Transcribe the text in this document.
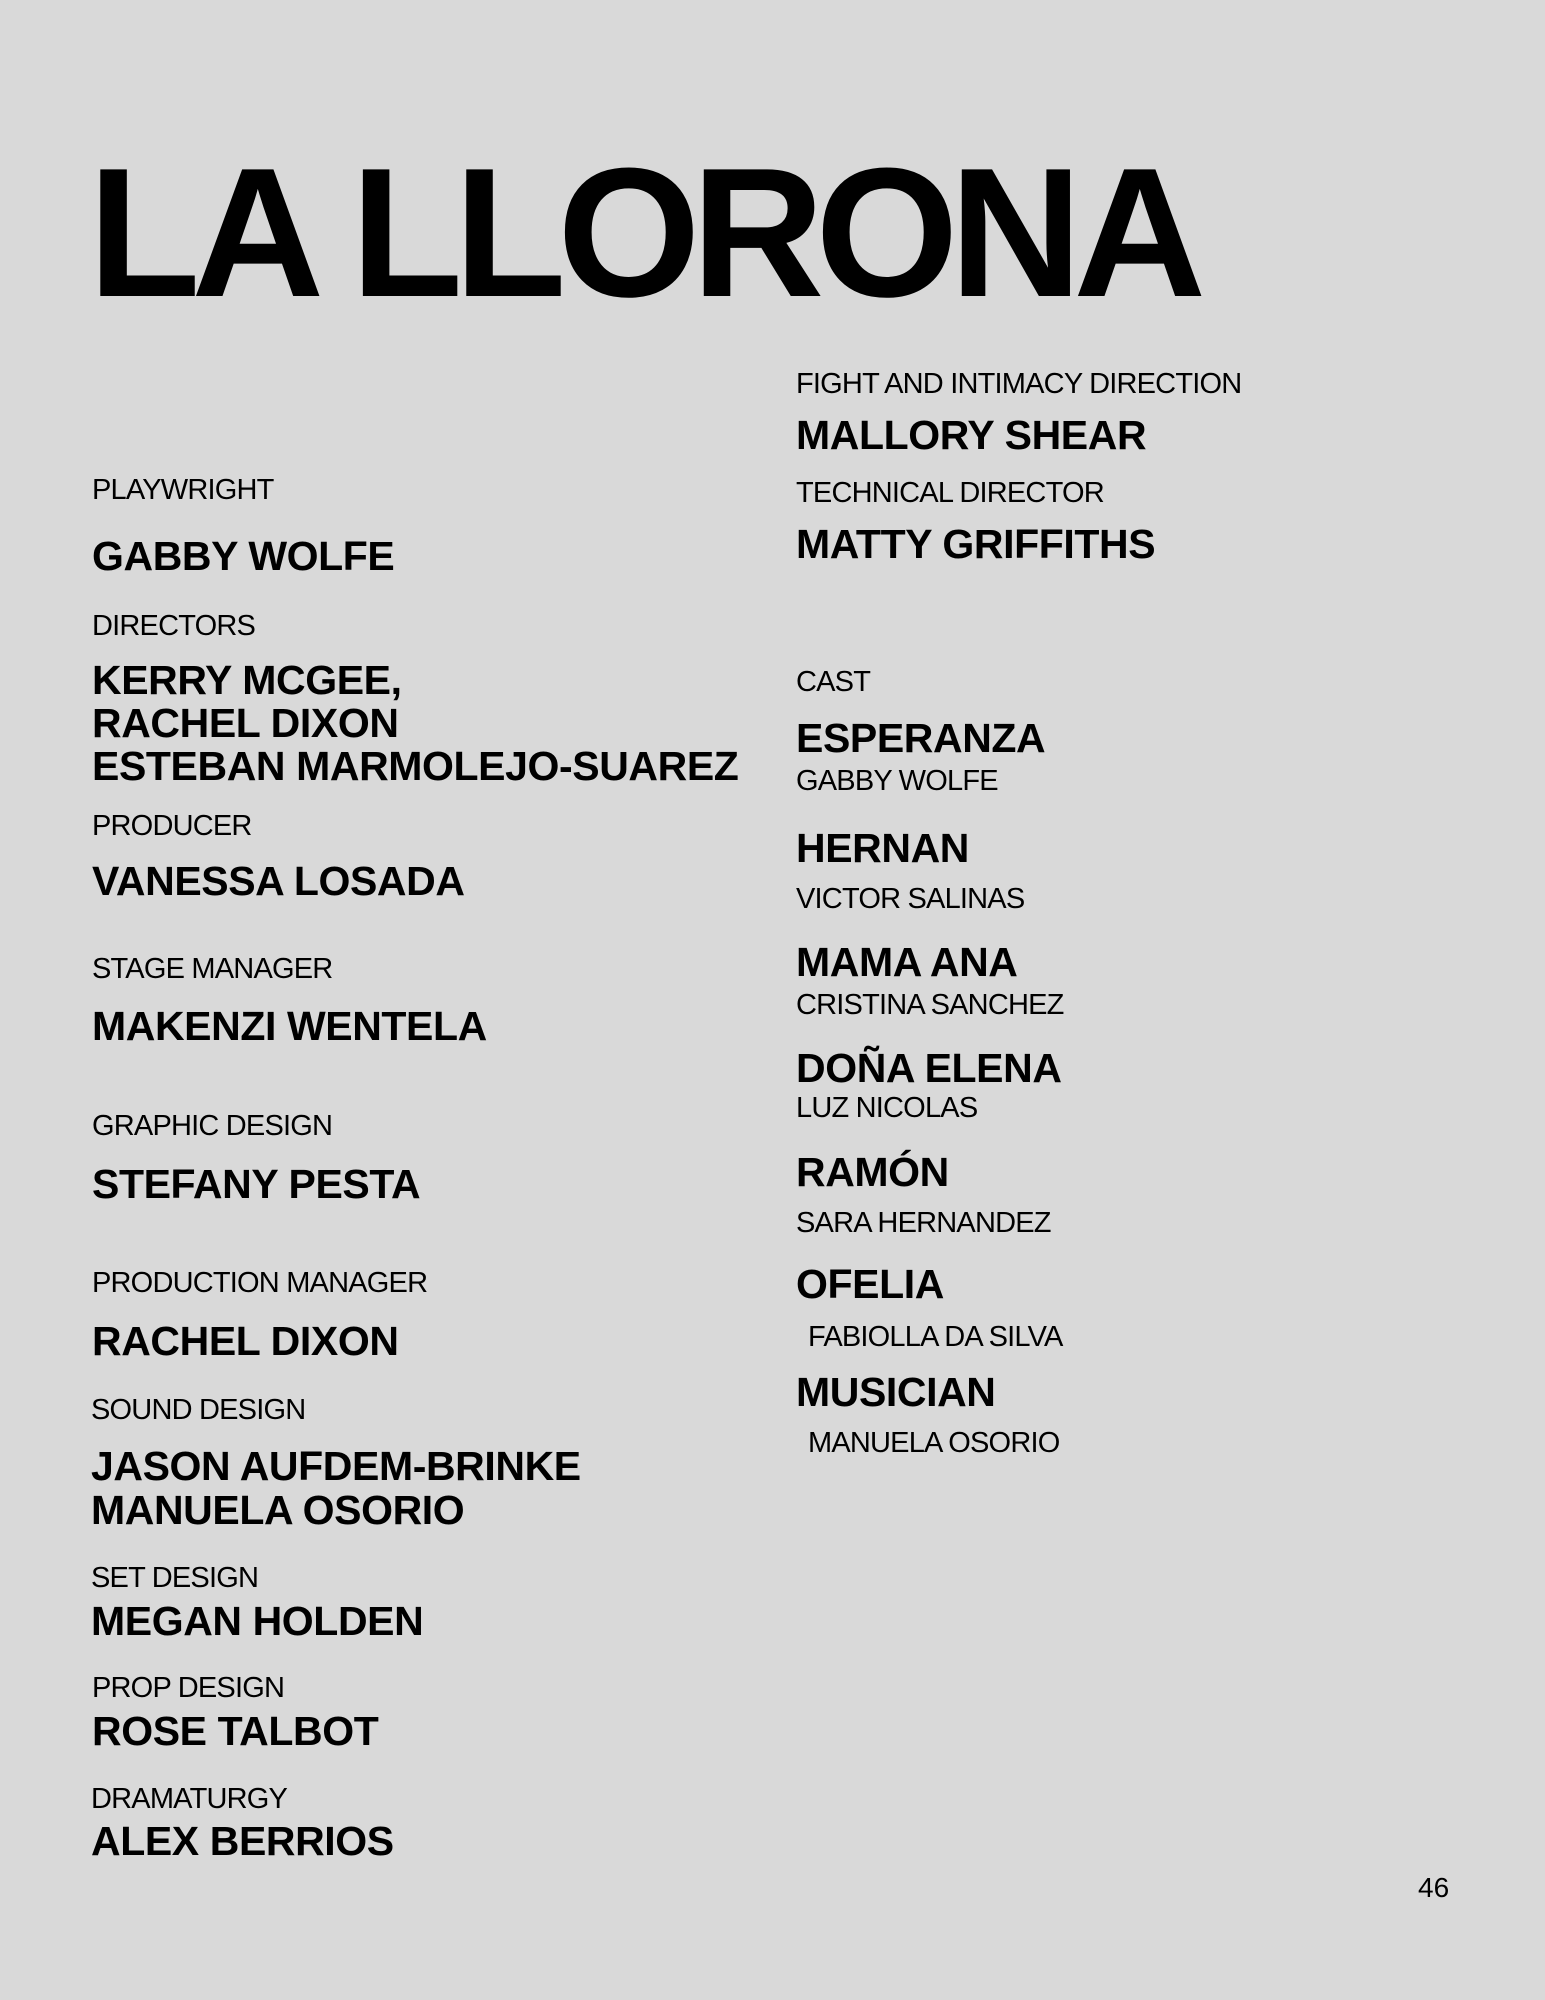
LA LLORONA
PLAYWRIGHT
GABBY WOLFE
DIRECTORS
KERRY MCGEE,
RACHEL DIXON
ESTEBAN MARMOLEJO-SUAREZ
PRODUCER
VANESSA LOSADA
STAGE MANAGER
MAKENZI WENTELA
GRAPHIC DESIGN
STEFANY PESTA
PRODUCTION MANAGER
RACHEL DIXON
SOUND DESIGN
JASON AUFDEM-BRINKE
MANUELA OSORIO
SET DESIGN
MEGAN HOLDEN
PROP DESIGN
ROSE TALBOT
DRAMATURGY
ALEX BERRIOS
FIGHT AND INTIMACY DIRECTION
MALLORY SHEAR
TECHNICAL DIRECTOR
MATTY GRIFFITHS
CAST
ESPERANZA
GABBY WOLFE
HERNAN
VICTOR SALINAS
MAMA ANA
CRISTINA SANCHEZ
DOÑA ELENA
LUZ NICOLAS
RAMÓN
SARA HERNANDEZ
OFELIA
FABIOLLA DA SILVA
MUSICIAN
MANUELA OSORIO
46
